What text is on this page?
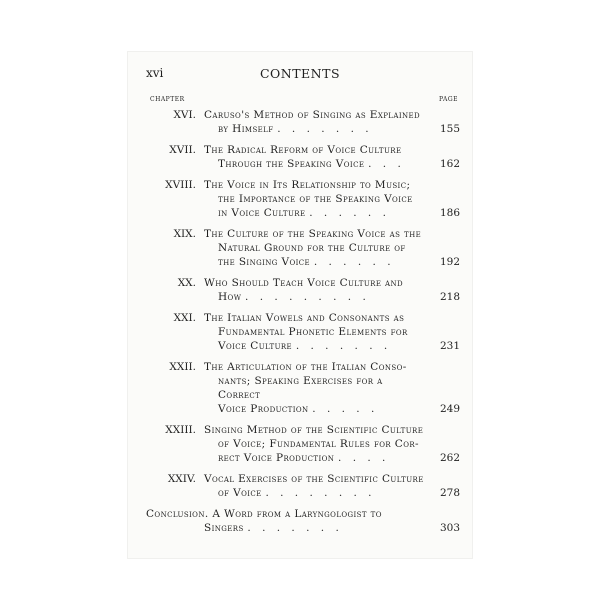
xvi	CONTENTS
CHAPTER	PAGE
XVI. Caruso's Method of Singing as Explained
by Himself . . . . . . .	155
XVII. The Radical Reform of Voice Culture
Through the Speaking Voice . . .	162
XVIII. The Voice in Its Relationship to Music;
the Importance of the Speaking Voice
in Voice Culture . . . . . .	186
XIX. The Culture of the Speaking Voice as the
Natural Ground for the Culture of
the Singing Voice . . . . . .	192
XX. Who Should Teach Voice Culture and
How . . . . . . . . .	218
XXI. The Italian Vowels and Consonants as
Fundamental Phonetic Elements for
Voice Culture . . . . . . .	231
XXII. The Articulation of the Italian Conso-
nants; Speaking Exercises for a Correct
Voice Production . . . . .	249
XXIII. Singing Method of the Scientific Culture
of Voice; Fundamental Rules for Cor-
rect Voice Production . . . .	262
XXIV. Vocal Exercises of the Scientific Culture
of Voice . . . . . . . .	278
Conclusion. A Word from a Laryngologist to
Singers . . . . . . .	303
